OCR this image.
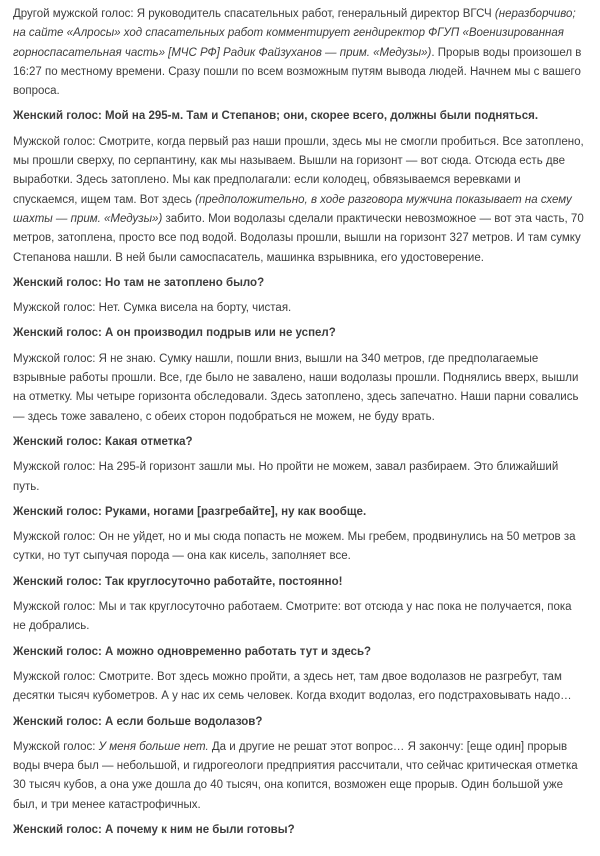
Другой мужской голос: Я руководитель спасательных работ, генеральный директор ВГСЧ (неразборчиво; на сайте «Алросы» ход спасательных работ комментирует гендиректор ФГУП «Военизированная горноспасательная часть» [МЧС РФ] Радик Файзуханов — прим. «Медузы»). Прорыв воды произошел в 16:27 по местному времени. Сразу пошли по всем возможным путям вывода людей. Начнем мы с вашего вопроса.

Женский голос: Мой на 295-м. Там и Степанов; они, скорее всего, должны были подняться.

Мужской голос: Смотрите, когда первый раз наши прошли, здесь мы не смогли пробиться. Все затоплено, мы прошли сверху, по серпантину, как мы называем. Вышли на горизонт — вот сюда. Отсюда есть две выработки. Здесь затоплено. Мы как предполагали: если колодец, обвязываемся веревками и спускаемся, ищем там. Вот здесь (предположительно, в ходе разговора мужчина показывает на схему шахты — прим. «Медузы») забито. Мои водолазы сделали практически невозможное — вот эта часть, 70 метров, затоплена, просто все под водой. Водолазы прошли, вышли на горизонт 327 метров. И там сумку Степанова нашли. В ней были самоспасатель, машинка взрывника, его удостоверение.

Женский голос: Но там не затоплено было?

Мужской голос: Нет. Сумка висела на борту, чистая.

Женский голос: А он производил подрыв или не успел?

Мужской голос: Я не знаю. Сумку нашли, пошли вниз, вышли на 340 метров, где предполагаемые взрывные работы прошли. Все, где было не завалено, наши водолазы прошли. Поднялись вверх, вышли на отметку. Мы четыре горизонта обследовали. Здесь затоплено, здесь запечатно. Наши парни совались — здесь тоже завалено, с обеих сторон подобраться не можем, не буду врать.

Женский голос: Какая отметка?

Мужской голос: На 295-й горизонт зашли мы. Но пройти не можем, завал разбираем. Это ближайший путь.

Женский голос: Руками, ногами [разгребайте], ну как вообще.

Мужской голос: Он не уйдет, но и мы сюда попасть не можем. Мы гребем, продвинулись на 50 метров за сутки, но тут сыпучая порода — она как кисель, заполняет все.

Женский голос: Так круглосуточно работайте, постоянно!

Мужской голос: Мы и так круглосуточно работаем. Смотрите: вот отсюда у нас пока не получается, пока не добрались.

Женский голос: А можно одновременно работать тут и здесь?

Мужской голос: Смотрите. Вот здесь можно пройти, а здесь нет, там двое водолазов не разгребут, там десятки тысяч кубометров. А у нас их семь человек. Когда входит водолаз, его подстраховывать надо…

Женский голос: А если больше водолазов?

Мужской голос: У меня больше нет. Да и другие не решат этот вопрос… Я закончу: [еще один] прорыв воды вчера был — небольшой, и гидрогеологи предприятия рассчитали, что сейчас критическая отметка 30 тысяч кубов, а она уже дошла до 40 тысяч, она копится, возможен еще прорыв. Один большой уже был, и три менее катастрофичных.

Женский голос: А почему к ним не были готовы?
